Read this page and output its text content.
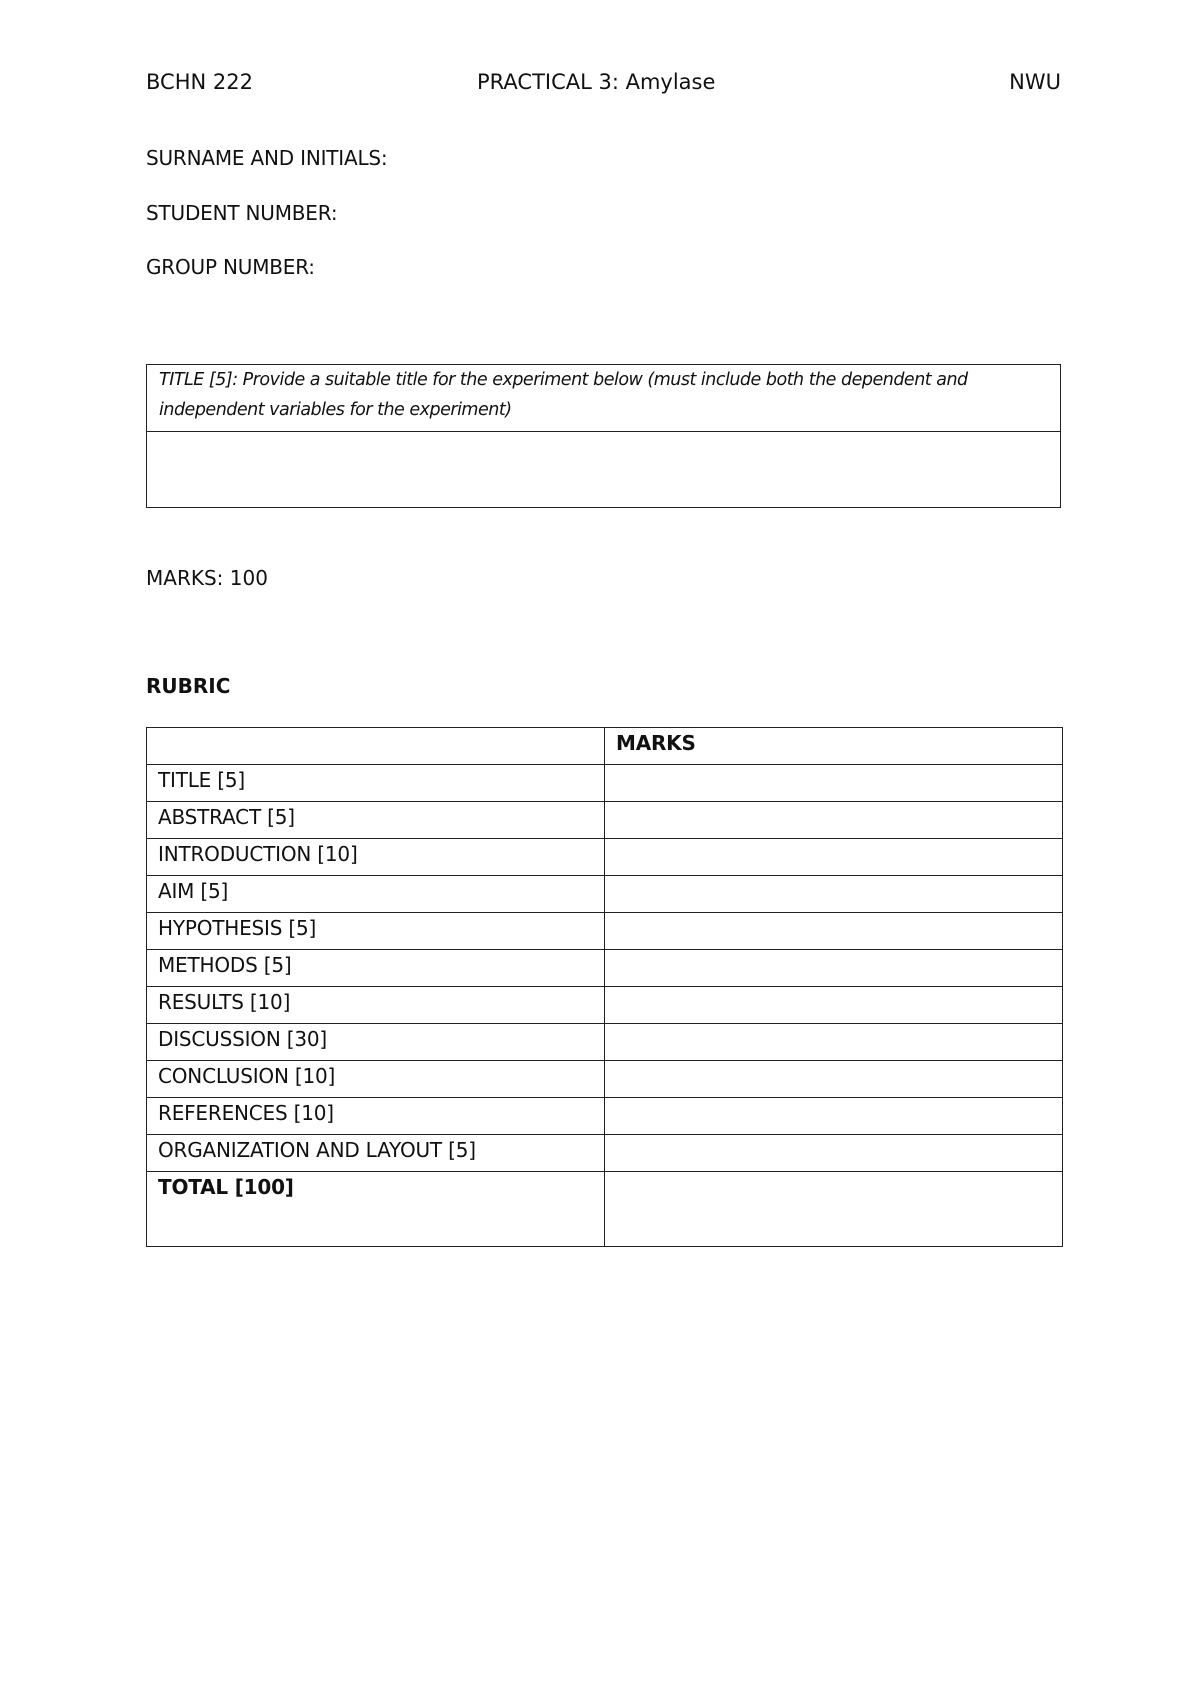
BCHN 222	PRACTICAL 3: Amylase	NWU
SURNAME AND INITIALS:
STUDENT NUMBER:
GROUP NUMBER:
TITLE [5]: Provide a suitable title for the experiment below (must include both the dependent and independent variables for the experiment)

MARKS: 100
RUBRIC
	MARKS
TITLE [5]	
ABSTRACT [5]	
INTRODUCTION [10]	
AIM [5]	
HYPOTHESIS [5]	
METHODS [5]	
RESULTS [10]	
DISCUSSION [30]	
CONCLUSION [10]	
REFERENCES [10]	
ORGANIZATION AND LAYOUT [5]	
TOTAL [100]	
